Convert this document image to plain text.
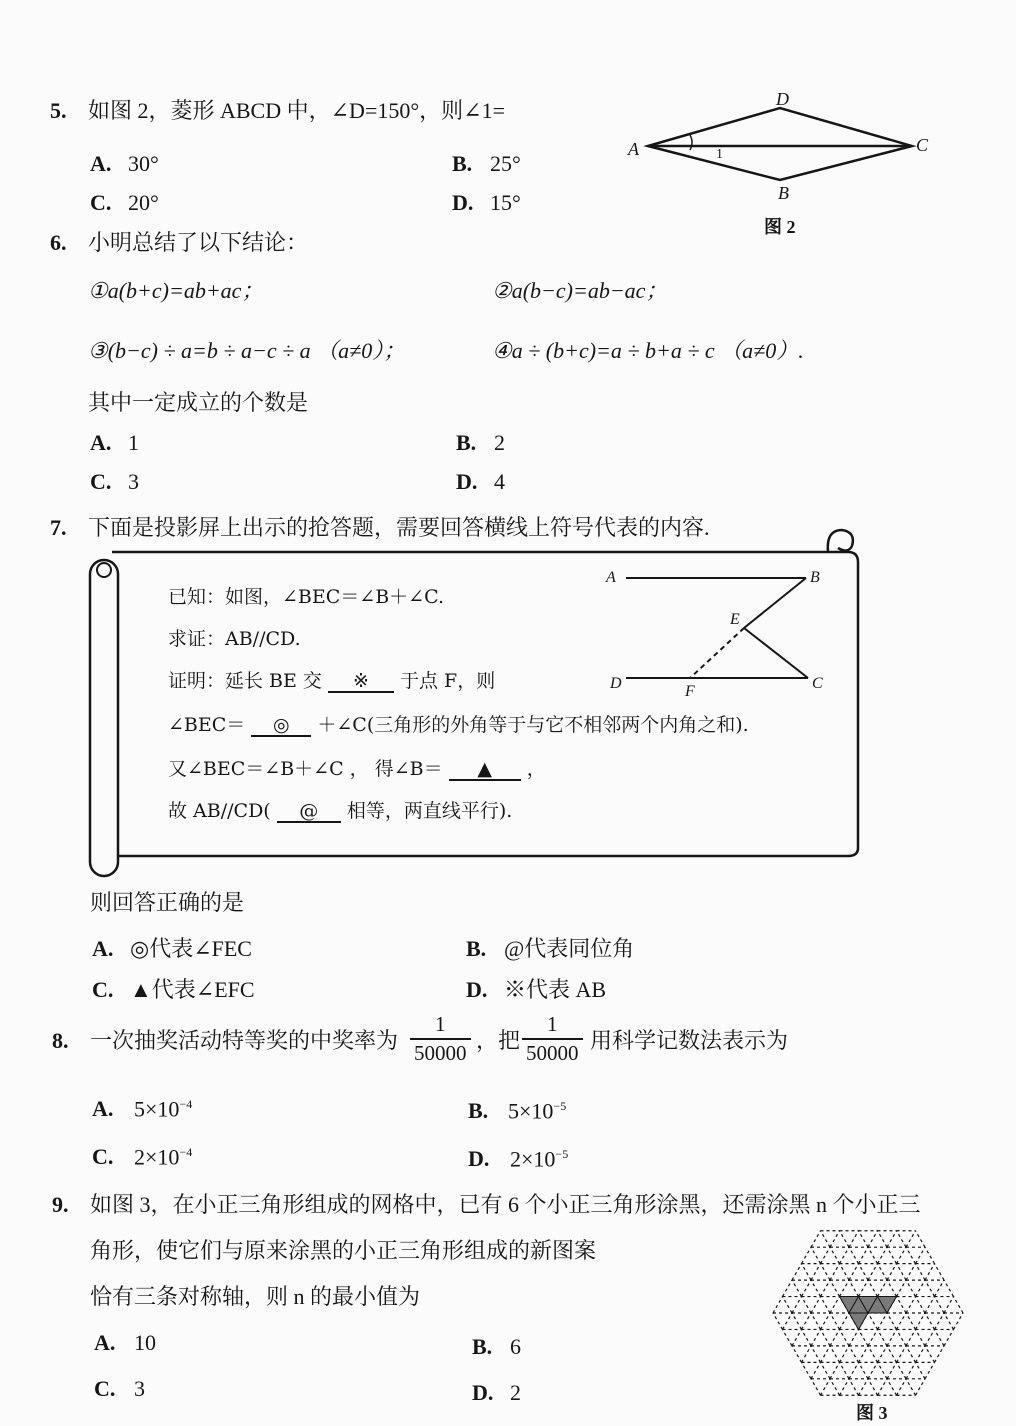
5. 如图 2，菱形 ABCD 中，∠D=150°，则∠1=
A. 30°	B. 25°
C. 20°	D. 15°
A
D
C
B
1
图 2
6. 小明总结了以下结论：
①a(b+c)=ab+ac；	②a(b−c)=ab−ac；
③(b−c) ÷ a=b ÷ a−c ÷ a （a≠0）；	④a ÷ (b+c)=a ÷ b+a ÷ c （a≠0）.
其中一定成立的个数是
A. 1	B. 2
C. 3	D. 4
7. 下面是投影屏上出示的抢答题，需要回答横线上符号代表的内容.
A	B
E
D	F	C
已知：如图，∠BEC＝∠B＋∠C.
求证：AB//CD.
证明：延长 BE 交 ※ 于点 F，则
∠BEC＝ ◎ ＋∠C(三角形的外角等于与它不相邻两个内角之和).
又∠BEC＝∠B＋∠C ， 得∠B＝ ▲ ，
故 AB//CD( @ 相等，两直线平行).
则回答正确的是
A. ◎代表∠FEC	B. @代表同位角
C. ▲代表∠EFC	D. ※代表 AB
8. 一次抽奖活动特等奖的中奖率为
1
50000 ，把
1
50000 用科学记数法表示为
A. $5\times 10^{-4}$	B. $5\times 10^{-5}$
C. $2\times 10^{-4}$	D. $2\times 10^{-5}$
9. 如图 3，在小正三角形组成的网格中，已有 6 个小正三角形涂黑，还需涂黑 n 个小正三
角形，使它们与原来涂黑的小正三角形组成的新图案
恰有三条对称轴，则 n 的最小值为
A. 10	B. 6
C. 3	D. 2
图 3
